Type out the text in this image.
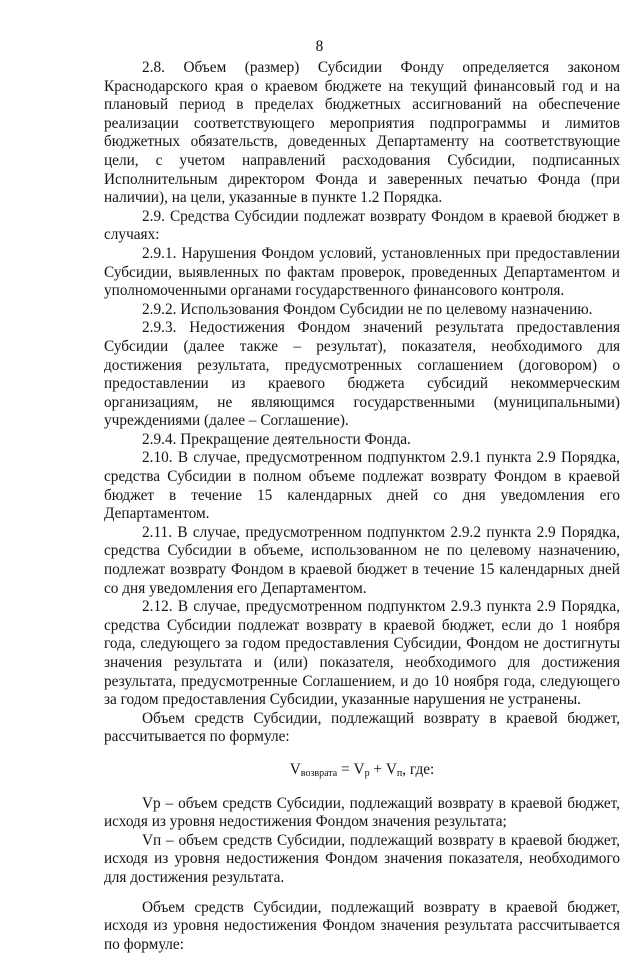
8

2.8. Объем (размер) Субсидии Фонду определяется законом Краснодарского края о краевом бюджете на текущий финансовый год и на плановый период в пределах бюджетных ассигнований на обеспечение реализации соответствующего мероприятия подпрограммы и лимитов бюджетных обязательств, доведенных Департаменту на соответствующие цели, с учетом направлений расходования Субсидии, подписанных Исполнительным директором Фонда и заверенных печатью Фонда (при наличии), на цели, указанные в пункте 1.2 Порядка.

2.9. Средства Субсидии подлежат возврату Фондом в краевой бюджет в случаях:

2.9.1. Нарушения Фондом условий, установленных при предоставлении Субсидии, выявленных по фактам проверок, проведенных Департаментом и уполномоченными органами государственного финансового контроля.

2.9.2. Использования Фондом Субсидии не по целевому назначению.

2.9.3. Недостижения Фондом значений результата предоставления Субсидии (далее также – результат), показателя, необходимого для достижения результата, предусмотренных соглашением (договором) о предоставлении из краевого бюджета субсидий некоммерческим организациям, не являющимся государственными (муниципальными) учреждениями (далее – Соглашение).

2.9.4. Прекращение деятельности Фонда.

2.10. В случае, предусмотренном подпунктом 2.9.1 пункта 2.9 Порядка, средства Субсидии в полном объеме подлежат возврату Фондом в краевой бюджет в течение 15 календарных дней со дня уведомления его Департаментом.

2.11. В случае, предусмотренном подпунктом 2.9.2 пункта 2.9 Порядка, средства Субсидии в объеме, использованном не по целевому назначению, подлежат возврату Фондом в краевой бюджет в течение 15 календарных дней со дня уведомления его Департаментом.

2.12. В случае, предусмотренном подпунктом 2.9.3 пункта 2.9 Порядка, средства Субсидии подлежат возврату в краевой бюджет, если до 1 ноября года, следующего за годом предоставления Субсидии, Фондом не достигнуты значения результата и (или) показателя, необходимого для достижения результата, предусмотренные Соглашением, и до 10 ноября года, следующего за годом предоставления Субсидии, указанные нарушения не устранены.

Объем средств Субсидии, подлежащий возврату в краевой бюджет, рассчитывается по формуле:

$V_{возврата} = V_р + V_п$, где:

Vр – объем средств Субсидии, подлежащий возврату в краевой бюджет, исходя из уровня недостижения Фондом значения результата;

Vп – объем средств Субсидии, подлежащий возврату в краевой бюджет, исходя из уровня недостижения Фондом значения показателя, необходимого для достижения результата.

Объем средств Субсидии, подлежащий возврату в краевой бюджет, исходя из уровня недостижения Фондом значения результата рассчитывается по формуле:
